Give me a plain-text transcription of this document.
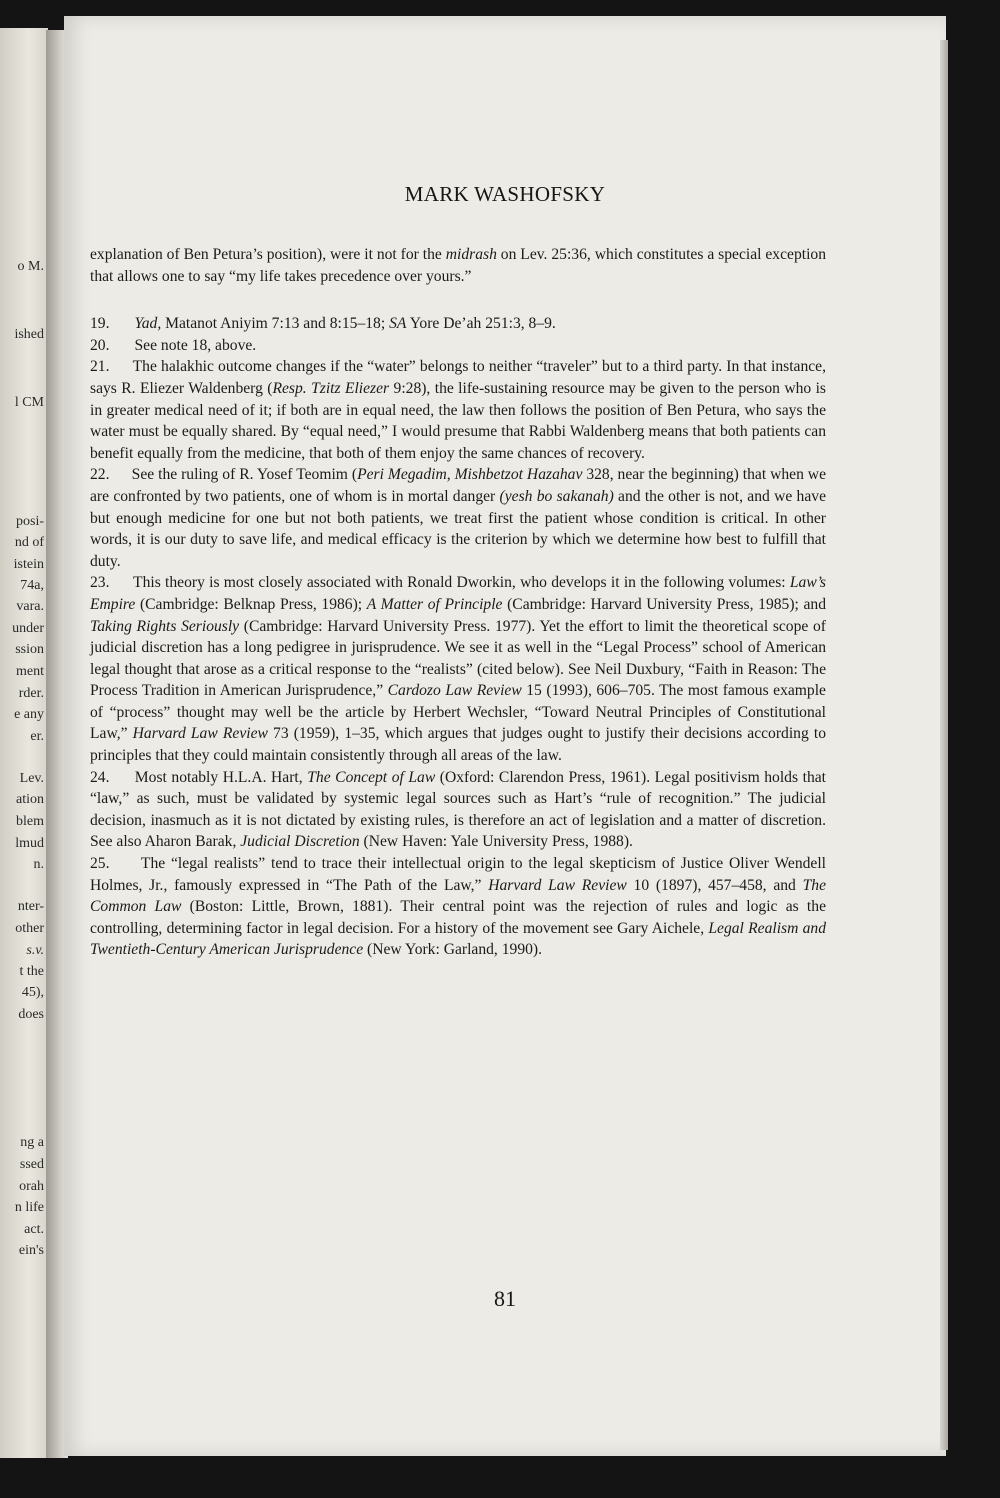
o M.
ished
l CM
posi-
nd of
istein
74a,
vara.
under
ssion
ment
rder.
e any
er.
Lev.
ation
blem
lmud
n.
nter-
other
s.v.
t the
45),
does
ng a
ssed
orah
n life
act.
ein's
MARK WASHOFSKY

explanation of Ben Petura’s position), were it not for the midrash on Lev. 25:36, which constitutes a special exception that allows one to say “my life takes precedence over yours.”

19. Yad, Matanot Aniyim 7:13 and 8:15–18; SA Yore De’ah 251:3, 8–9.

20. See note 18, above.

21. The halakhic outcome changes if the “water” belongs to neither “traveler” but to a third party. In that instance, says R. Eliezer Waldenberg (Resp. Tzitz Eliezer 9:28), the life-sustaining resource may be given to the person who is in greater medical need of it; if both are in equal need, the law then follows the position of Ben Petura, who says the water must be equally shared. By “equal need,” I would presume that Rabbi Waldenberg means that both patients can benefit equally from the medicine, that both of them enjoy the same chances of recovery.

22. See the ruling of R. Yosef Teomim (Peri Megadim, Mishbetzot Hazahav 328, near the beginning) that when we are confronted by two patients, one of whom is in mortal danger (yesh bo sakanah) and the other is not, and we have but enough medicine for one but not both patients, we treat first the patient whose condition is critical. In other words, it is our duty to save life, and medical efficacy is the criterion by which we determine how best to fulfill that duty.

23. This theory is most closely associated with Ronald Dworkin, who develops it in the following volumes: Law’s Empire (Cambridge: Belknap Press, 1986); A Matter of Principle (Cambridge: Harvard University Press, 1985); and Taking Rights Seriously (Cambridge: Harvard University Press. 1977). Yet the effort to limit the theoretical scope of judicial discretion has a long pedigree in jurisprudence. We see it as well in the “Legal Process” school of American legal thought that arose as a critical response to the “realists” (cited below). See Neil Duxbury, “Faith in Reason: The Process Tradition in American Jurisprudence,” Cardozo Law Review 15 (1993), 606–705. The most famous example of “process” thought may well be the article by Herbert Wechsler, “Toward Neutral Principles of Constitutional Law,” Harvard Law Review 73 (1959), 1–35, which argues that judges ought to justify their decisions according to principles that they could maintain consistently through all areas of the law.

24. Most notably H.L.A. Hart, The Concept of Law (Oxford: Clarendon Press, 1961). Legal positivism holds that “law,” as such, must be validated by systemic legal sources such as Hart’s “rule of recognition.” The judicial decision, inasmuch as it is not dictated by existing rules, is therefore an act of legislation and a matter of discretion. See also Aharon Barak, Judicial Discretion (New Haven: Yale University Press, 1988).

25. The “legal realists” tend to trace their intellectual origin to the legal skepticism of Justice Oliver Wendell Holmes, Jr., famously expressed in “The Path of the Law,” Harvard Law Review 10 (1897), 457–458, and The Common Law (Boston: Little, Brown, 1881). Their central point was the rejection of rules and logic as the controlling, determining factor in legal decision. For a history of the movement see Gary Aichele, Legal Realism and Twentieth-Century American Jurisprudence (New York: Garland, 1990).

81
